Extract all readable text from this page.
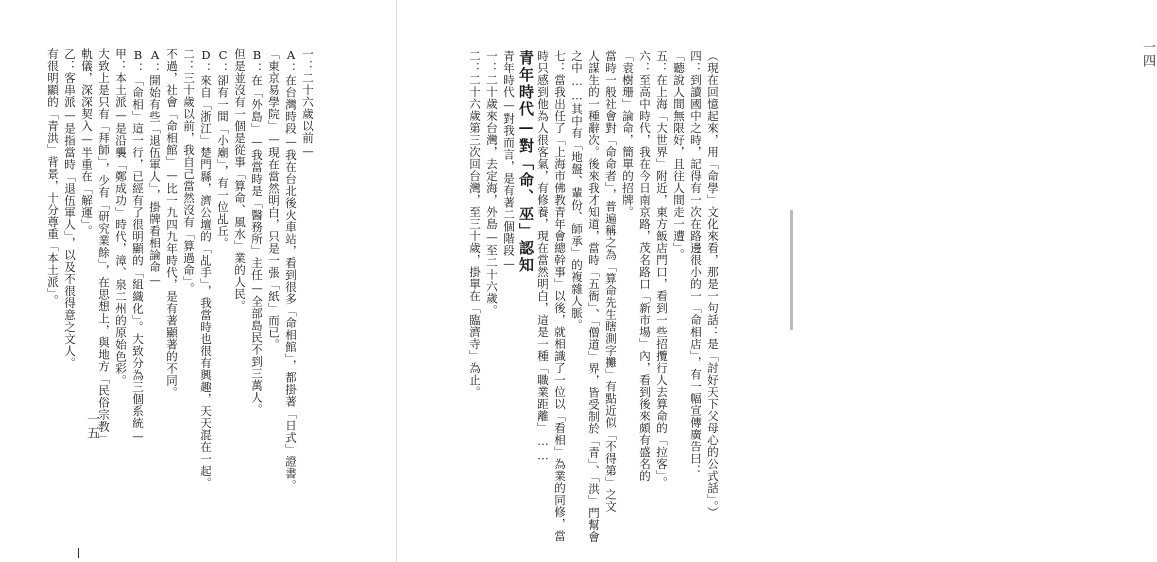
一四
（現在回憶起來，用「命學」文化來看，那是一句話：是「討好天下父母心的公式話」。）
四：到讀國中之時，記得有一次在路邊很小的一「命相店」，有一幅宣傳廣告曰：
「聽說人間無限好，且往人間走一遭」。
五：在上海「大世界」附近，東方飯店門口，看到一些招攬行人去算命的「拉客」。
六：至高中時代，我在今日南京路，茂名路口「新市場」內，看到後來頗有盛名的
「袁樹珊」論命，簡單的招牌。
當時一般社會對「命命者」，普遍稱之為「算命先生瞎測字攤」有點近似「不得第」之文
人謀生的一種辭次。後來我才知道，當時「五衙」、「僧道」界，皆受制於「青」、「洪」門幫會
之中……其中有「地盤、輩份、師承」的複雜人脈。
七：當我出任了「上海市佛教青年會總幹事」以後，就相識了一位以「看相」為業的同修，當
時只感到他為人很客氣，有修養，現在當然明白，這是一種「職業距離」……
青年時代—對「命、巫」認知
青年時代—對我而言，是有著二個階段—
一：二十歲來台灣，去定海，外島—至二十六歲。
二：二十六歲第三次回台灣，至三十歲，掛單在「臨濟寺」為止。
一：二十六歲以前—
A：在台灣時段—我在台北後火車站，看到很多「命相館」，都掛著「日式」證書。
「東京易學院」—現在當然明白，只是一張「紙」而已。
B：在「外島」—我當時是「醫務所」主任—全部島民不到三萬人。
但是並沒有一個是從事「算命、風水」業的人民。
C：卻有一間「小廟」，有一位乩丘。
D：來自「浙江」楚門縣，濟公壇的「乩手」，我當時也很有興趣，天天混在一起。
二：三十歲以前，我自己當然沒有「算過命」。
不過，社會「命相館」—比一九四九年時代，是有著顯著的不同。
A：開始有些「退伍軍人」，掛牌看相論命—
B：「命相」這一行，已經有了很明顯的「組織化」。大致分為三個系統—
甲：本土派—是沿襲「鄭成功」時代，漳、泉二州的原始色彩。
大致上是只有「拜師」，少有「研究業餘」，在思想上，與地方「民俗宗教」
軌儀，深深契入—半重在「解運」。
乙：客串派—是指當時「退伍軍人」，以及不很得意之文人。
有很明顯的「青洪」背景，十分尊重「本土派」。
一五
